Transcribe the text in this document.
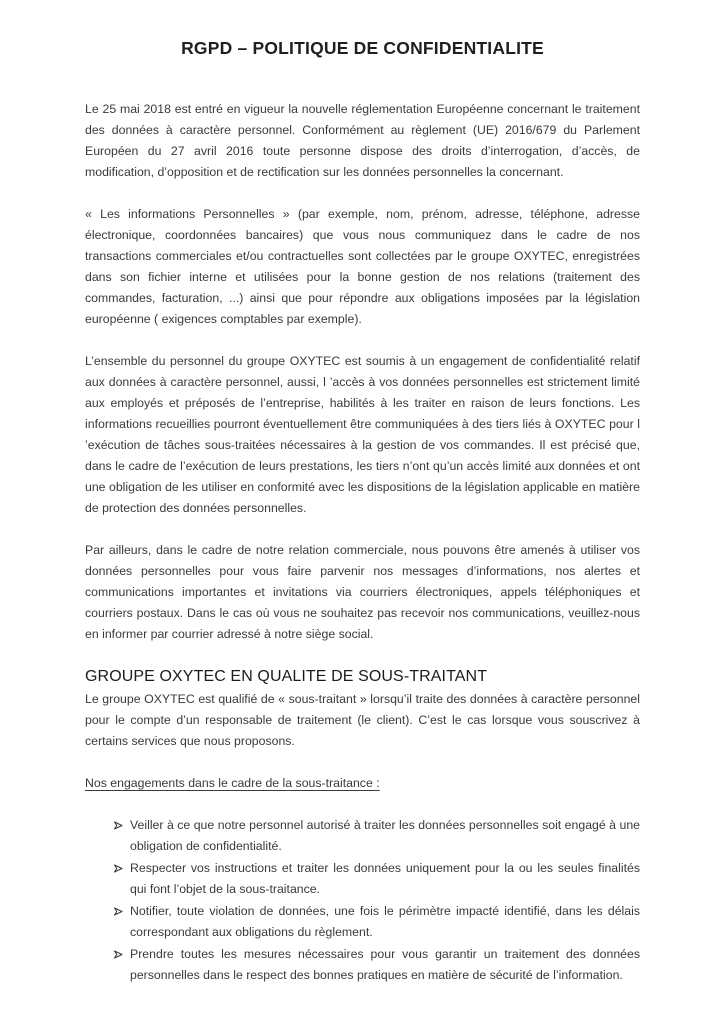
RGPD – POLITIQUE DE CONFIDENTIALITE

Le 25 mai 2018 est entré en vigueur la nouvelle réglementation Européenne concernant le traitement des données à caractère personnel. Conformément au règlement (UE) 2016/679 du Parlement Européen du 27 avril 2016 toute personne dispose des droits d’interrogation, d’accès, de modification, d’opposition et de rectification sur les données personnelles la concernant.

« Les informations Personnelles » (par exemple, nom, prénom, adresse, téléphone, adresse électronique, coordonnées bancaires) que vous nous communiquez dans le cadre de nos transactions commerciales et/ou contractuelles sont collectées par le groupe OXYTEC, enregistrées dans son fichier interne et utilisées pour la bonne gestion de nos relations (traitement des commandes, facturation, ...) ainsi que pour répondre aux obligations imposées par la législation européenne ( exigences comptables par exemple).

L’ensemble du personnel du groupe OXYTEC est soumis à un engagement de confidentialité relatif aux données à caractère personnel, aussi, l ’accès à vos données personnelles est strictement limité aux employés et préposés de l’entreprise, habilités à les traiter en raison de leurs fonctions. Les informations recueillies pourront éventuellement être communiquées à des tiers liés à OXYTEC pour l ’exécution de tâches sous-traitées nécessaires à la gestion de vos commandes. Il est précisé que, dans le cadre de l’exécution de leurs prestations, les tiers n’ont qu’un accès limité aux données et ont une obligation de les utiliser en conformité avec les dispositions de la législation applicable en matière de protection des données personnelles.

Par ailleurs, dans le cadre de notre relation commerciale, nous pouvons être amenés à utiliser vos données personnelles pour vous faire parvenir nos messages d’informations, nos alertes et communications importantes et invitations via courriers électroniques, appels téléphoniques et courriers postaux. Dans le cas où vous ne souhaitez pas recevoir nos communications, veuillez-nous en informer par courrier adressé à notre siège social.

GROUPE OXYTEC EN QUALITE DE SOUS-TRAITANT

Le groupe OXYTEC est qualifié de « sous-traitant » lorsqu’il traite des données à caractère personnel pour le compte d’un responsable de traitement (le client). C’est le cas lorsque vous souscrivez à certains services que nous proposons.

Nos engagements dans le cadre de la sous-traitance :

Veiller à ce que notre personnel autorisé à traiter les données personnelles soit engagé à une obligation de confidentialité.
Respecter vos instructions et traiter les données uniquement pour la ou les seules finalités qui font l’objet de la sous-traitance.
Notifier, toute violation de données, une fois le périmètre impacté identifié, dans les délais correspondant aux obligations du règlement.
Prendre toutes les mesures nécessaires pour vous garantir un traitement des données personnelles dans le respect des bonnes pratiques en matière de sécurité de l’information.
